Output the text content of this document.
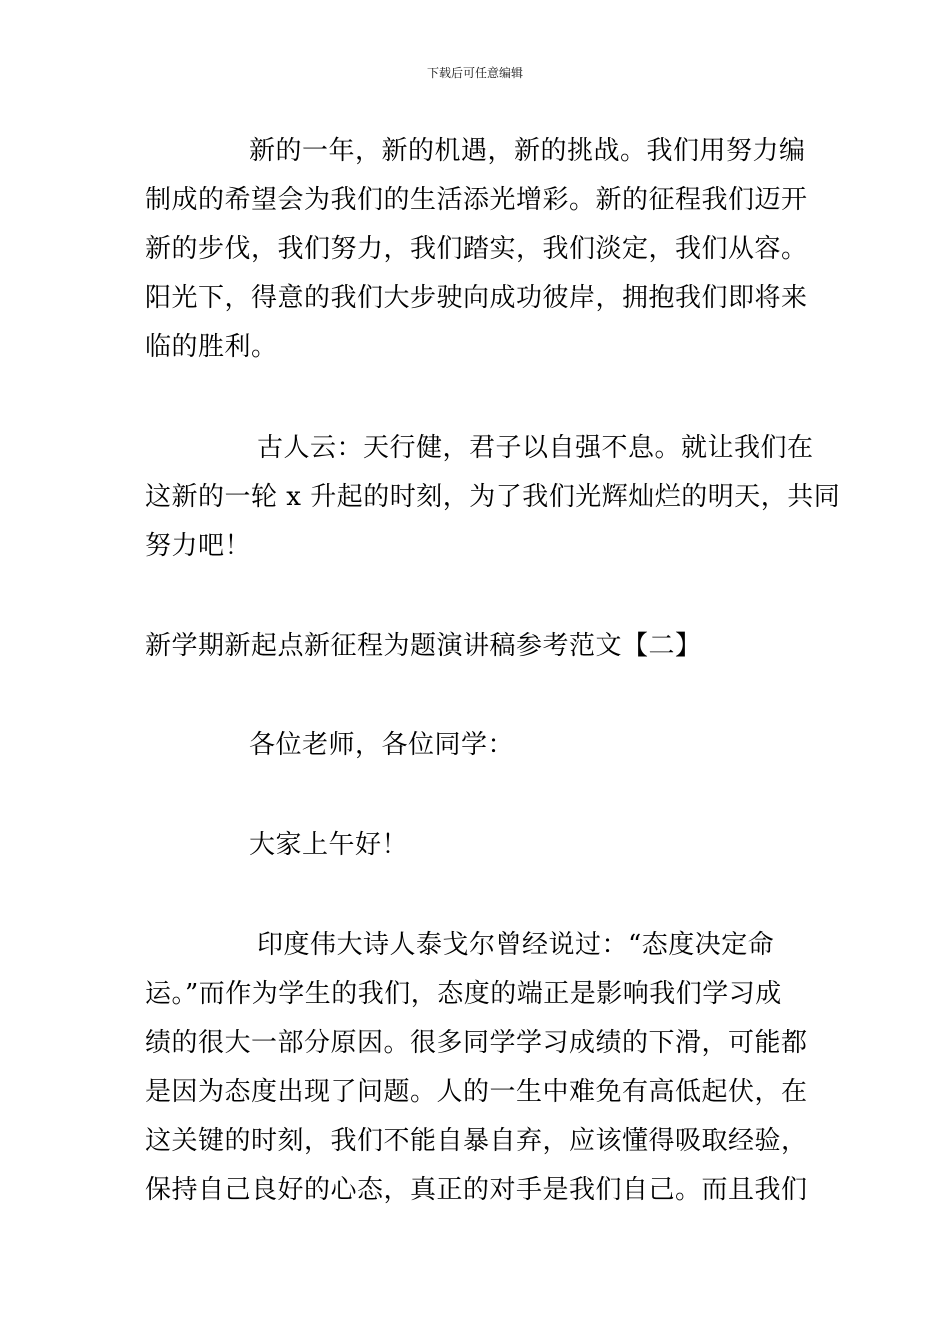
下载后可任意编辑

新的一年，新的机遇，新的挑战。我们用努力编
制成的希望会为我们的生活添光增彩。新的征程我们迈开
新的步伐，我们努力，我们踏实，我们淡定，我们从容。
阳光下，得意的我们大步驶向成功彼岸，拥抱我们即将来
临的胜利。

古人云：天行健，君子以自强不息。就让我们在
这新的一轮 x 升起的时刻，为了我们光辉灿烂的明天，共同
努力吧！

新学期新起点新征程为题演讲稿参考范文【二】

各位老师，各位同学：

大家上午好！

印度伟大诗人泰戈尔曾经说过：“态度决定命
运。”而作为学生的我们，态度的端正是影响我们学习成
绩的很大一部分原因。很多同学学习成绩的下滑，可能都
是因为态度出现了问题。人的一生中难免有高低起伏，在
这关键的时刻，我们不能自暴自弃，应该懂得吸取经验，
保持自己良好的心态，真正的对手是我们自己。而且我们
